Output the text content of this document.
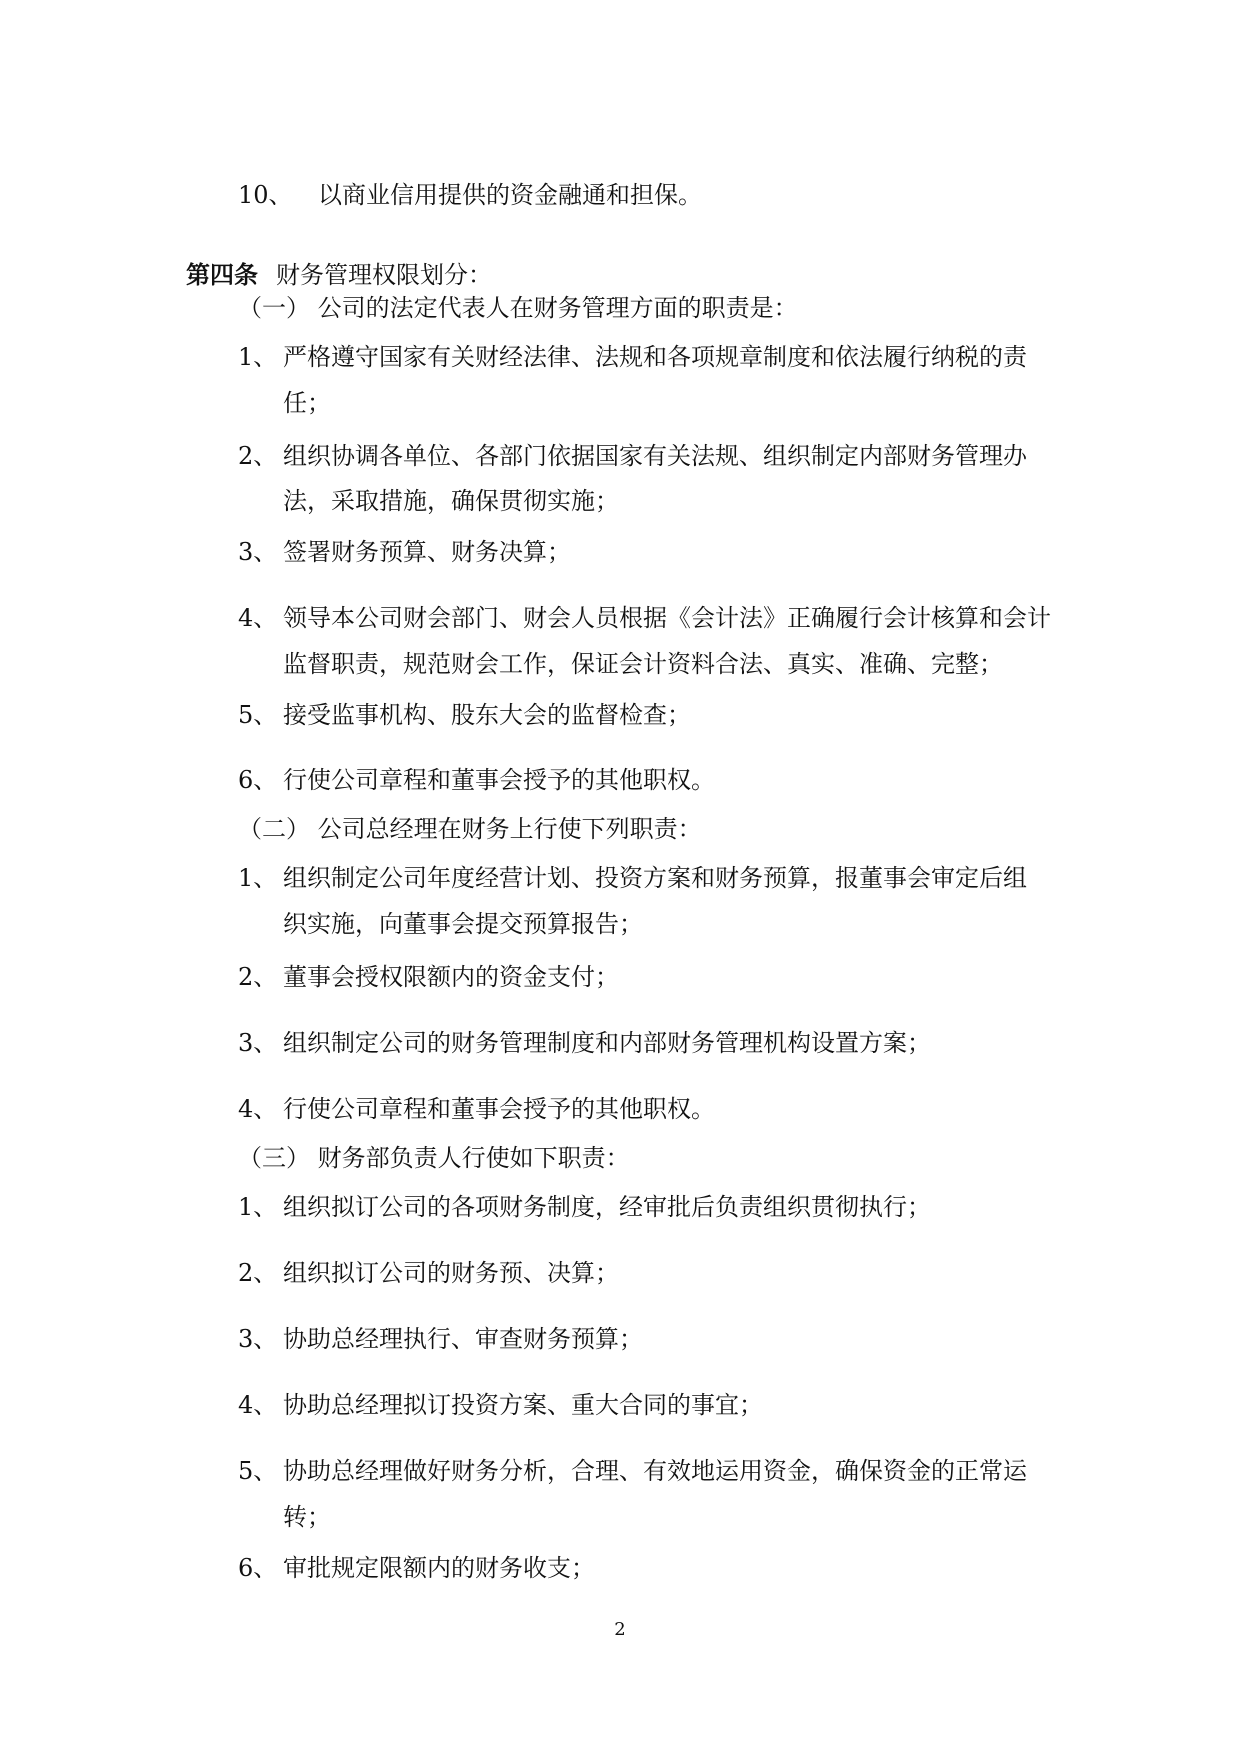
10、 以商业信用提供的资金融通和担保。
第四条 财务管理权限划分：
（一） 公司的法定代表人在财务管理方面的职责是：
1、 严格遵守国家有关财经法律、法规和各项规章制度和依法履行纳税的责
任；
2、 组织协调各单位、各部门依据国家有关法规、组织制定内部财务管理办
法，采取措施，确保贯彻实施；
3、 签署财务预算、财务决算；
4、 领导本公司财会部门、财会人员根据《会计法》正确履行会计核算和会计
监督职责，规范财会工作，保证会计资料合法、真实、准确、完整；
5、 接受监事机构、股东大会的监督检查；
6、 行使公司章程和董事会授予的其他职权。
（二） 公司总经理在财务上行使下列职责：
1、 组织制定公司年度经营计划、投资方案和财务预算，报董事会审定后组
织实施，向董事会提交预算报告；
2、 董事会授权限额内的资金支付；
3、 组织制定公司的财务管理制度和内部财务管理机构设置方案；
4、 行使公司章程和董事会授予的其他职权。
（三） 财务部负责人行使如下职责：
1、 组织拟订公司的各项财务制度，经审批后负责组织贯彻执行；
2、 组织拟订公司的财务预、决算；
3、 协助总经理执行、审查财务预算；
4、 协助总经理拟订投资方案、重大合同的事宜；
5、 协助总经理做好财务分析，合理、有效地运用资金，确保资金的正常运
转；
6、 审批规定限额内的财务收支；
2
